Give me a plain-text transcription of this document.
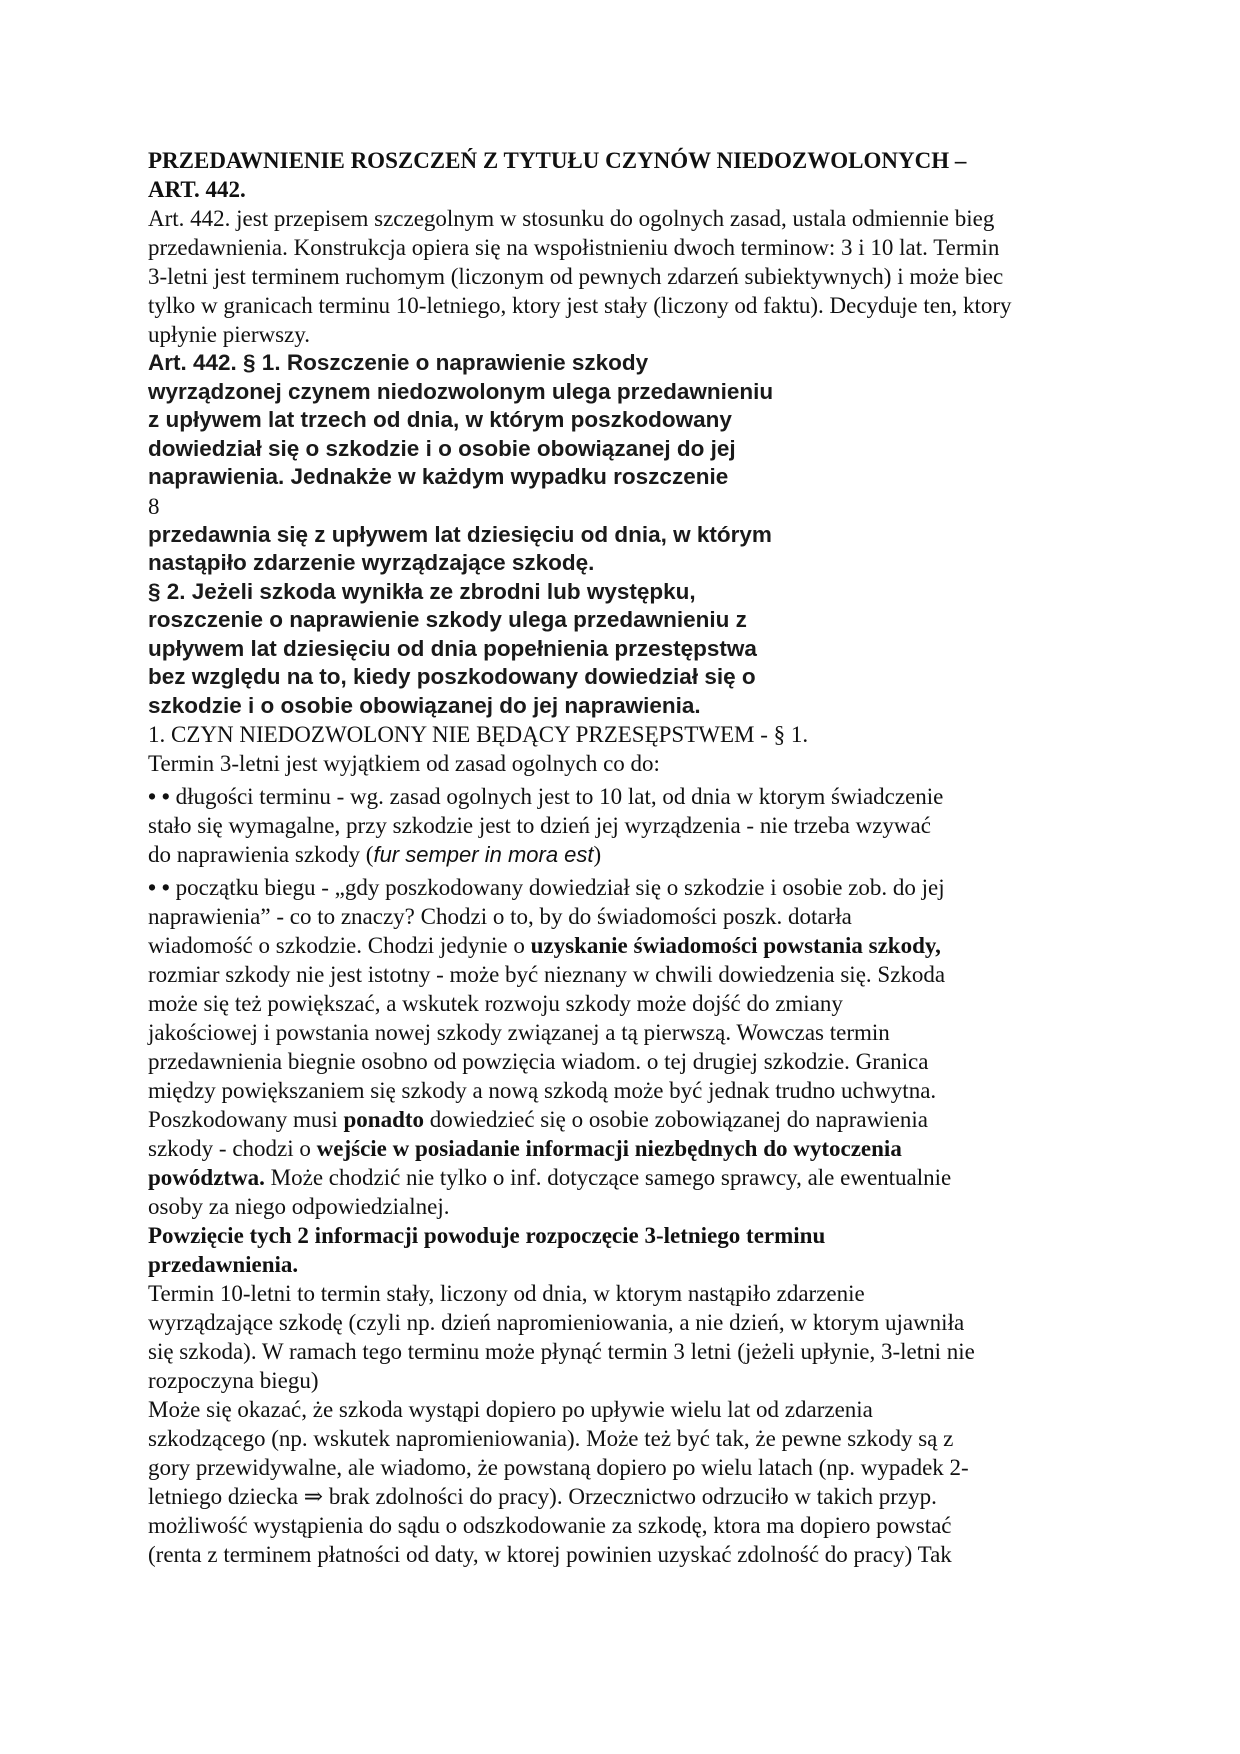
PRZEDAWNIENIE ROSZCZEŃ Z TYTUŁU CZYNÓW NIEDOZWOLONYCH –
ART. 442.
Art. 442. jest przepisem szczegolnym w stosunku do ogolnych zasad, ustala odmiennie bieg
przedawnienia. Konstrukcja opiera się na wspołistnieniu dwoch terminow: 3 i 10 lat. Termin
3-letni jest terminem ruchomym (liczonym od pewnych zdarzeń subiektywnych) i może biec
tylko w granicach terminu 10-letniego, ktory jest stały (liczony od faktu). Decyduje ten, ktory
upłynie pierwszy.
Art. 442. § 1. Roszczenie o naprawienie szkody
wyrządzonej czynem niedozwolonym ulega przedawnieniu
z upływem lat trzech od dnia, w którym poszkodowany
dowiedział się o szkodzie i o osobie obowiązanej do jej
naprawienia. Jednakże w każdym wypadku roszczenie
8
przedawnia się z upływem lat dziesięciu od dnia, w którym
nastąpiło zdarzenie wyrządzające szkodę.
§ 2. Jeżeli szkoda wynikła ze zbrodni lub występku,
roszczenie o naprawienie szkody ulega przedawnieniu z
upływem lat dziesięciu od dnia popełnienia przestępstwa
bez względu na to, kiedy poszkodowany dowiedział się o
szkodzie i o osobie obowiązanej do jej naprawienia.
1. CZYN NIEDOZWOLONY NIE BĘDĄCY PRZESĘPSTWEM - § 1.
Termin 3-letni jest wyjątkiem od zasad ogolnych co do:
• • długości terminu - wg. zasad ogolnych jest to 10 lat, od dnia w ktorym świadczenie
stało się wymagalne, przy szkodzie jest to dzień jej wyrządzenia - nie trzeba wzywać
do naprawienia szkody (fur semper in mora est)
• • początku biegu - „gdy poszkodowany dowiedział się o szkodzie i osobie zob. do jej
naprawienia” - co to znaczy? Chodzi o to, by do świadomości poszk. dotarła
wiadomość o szkodzie. Chodzi jedynie o uzyskanie świadomości powstania szkody,
rozmiar szkody nie jest istotny - może być nieznany w chwili dowiedzenia się. Szkoda
może się też powiększać, a wskutek rozwoju szkody może dojść do zmiany
jakościowej i powstania nowej szkody związanej a tą pierwszą. Wowczas termin
przedawnienia biegnie osobno od powzięcia wiadom. o tej drugiej szkodzie. Granica
między powiększaniem się szkody a nową szkodą może być jednak trudno uchwytna.
Poszkodowany musi ponadto dowiedzieć się o osobie zobowiązanej do naprawienia
szkody - chodzi o wejście w posiadanie informacji niezbędnych do wytoczenia
powództwa. Może chodzić nie tylko o inf. dotyczące samego sprawcy, ale ewentualnie
osoby za niego odpowiedzialnej.
Powzięcie tych 2 informacji powoduje rozpoczęcie 3-letniego terminu
przedawnienia.
Termin 10-letni to termin stały, liczony od dnia, w ktorym nastąpiło zdarzenie
wyrządzające szkodę (czyli np. dzień napromieniowania, a nie dzień, w ktorym ujawniła
się szkoda). W ramach tego terminu może płynąć termin 3 letni (jeżeli upłynie, 3-letni nie
rozpoczyna biegu)
Może się okazać, że szkoda wystąpi dopiero po upływie wielu lat od zdarzenia
szkodzącego (np. wskutek napromieniowania). Może też być tak, że pewne szkody są z
gory przewidywalne, ale wiadomo, że powstaną dopiero po wielu latach (np. wypadek 2-
letniego dziecka ⇒ brak zdolności do pracy). Orzecznictwo odrzuciło w takich przyp.
możliwość wystąpienia do sądu o odszkodowanie za szkodę, ktora ma dopiero powstać
(renta z terminem płatności od daty, w ktorej powinien uzyskać zdolność do pracy) Tak
